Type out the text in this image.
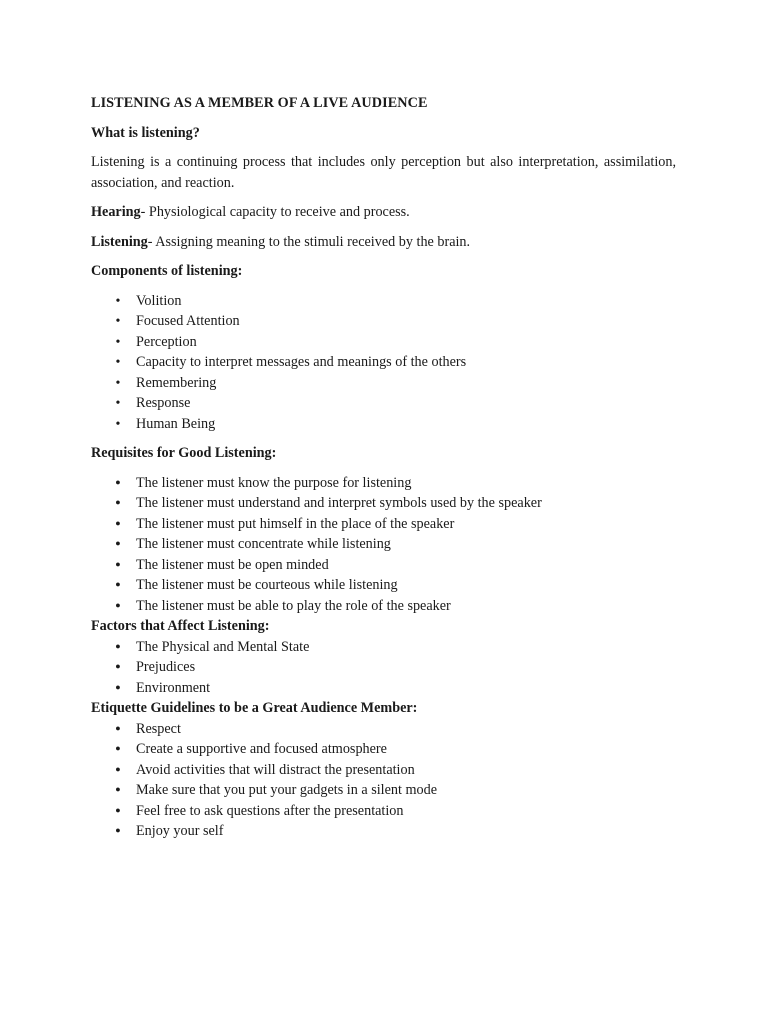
LISTENING AS A MEMBER OF A LIVE AUDIENCE
What is listening?
Listening is a continuing process that includes only perception but also interpretation, assimilation, association, and reaction.
Hearing- Physiological capacity to receive and process.
Listening- Assigning meaning to the stimuli received by the brain.
Components of listening:
•
Volition
•
Focused Attention
•
Perception
•
Capacity to interpret messages and meanings of the others
•
Remembering
•
Response
•
Human Being
Requisites for Good Listening:
●
The listener must know the purpose for listening
●
The listener must understand and interpret symbols used by the speaker
●
The listener must put himself in the place of the speaker
●
The listener must concentrate while listening
●
The listener must be open minded
●
The listener must be courteous while listening
●
The listener must be able to play the role of the speaker
Factors that Affect Listening:
●
The Physical and Mental State
●
Prejudices
●
Environment
Etiquette Guidelines to be a Great Audience Member:
●
Respect
●
Create a supportive and focused atmosphere
●
Avoid activities that will distract the presentation
●
Make sure that you put your gadgets in a silent mode
●
Feel free to ask questions after the presentation
●
Enjoy your self
